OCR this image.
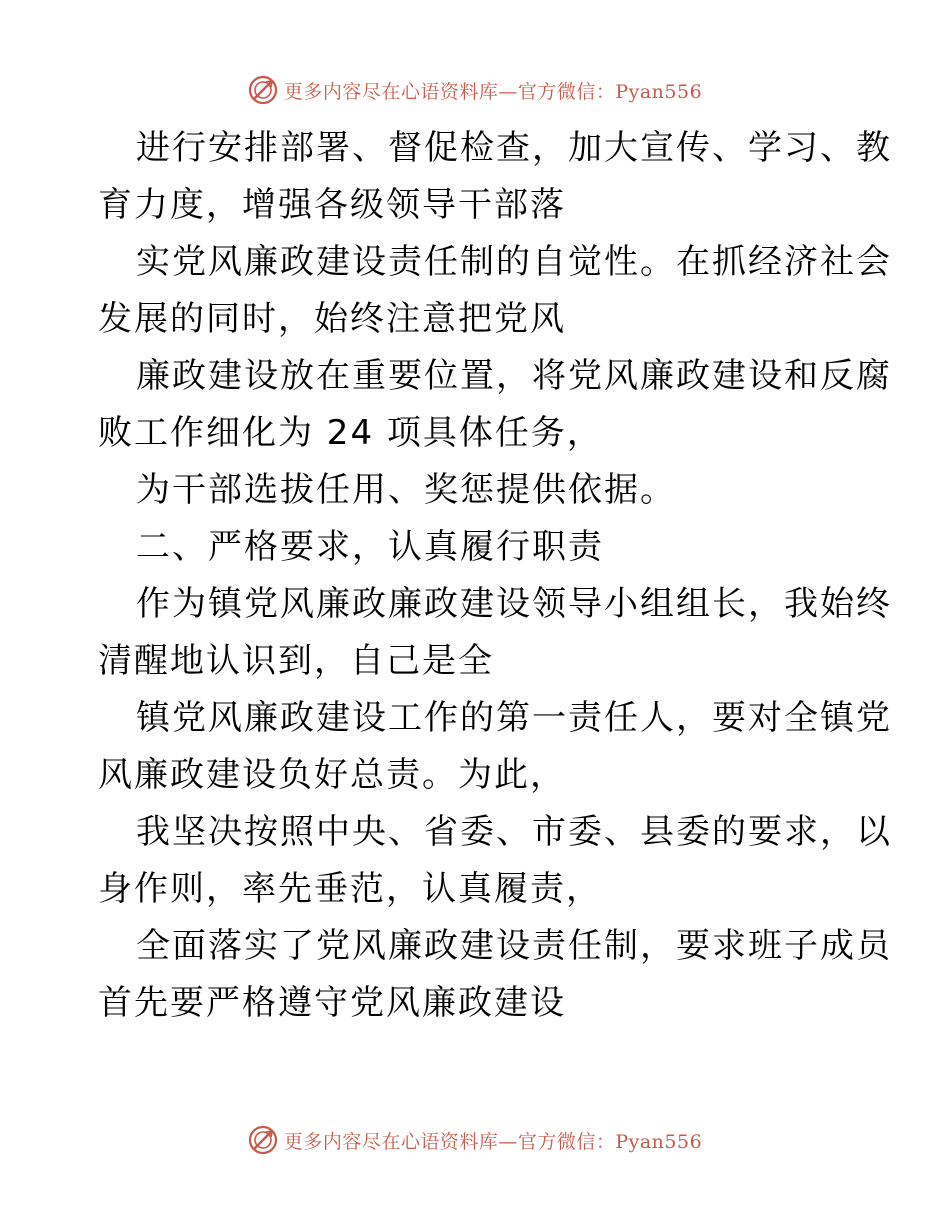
更多内容尽在心语资料库—官方微信：Pyan556

进行安排部署、督促检查，加大宣传、学习、教

育力度，增强各级领导干部落

实党风廉政建设责任制的自觉性。在抓经济社会

发展的同时，始终注意把党风

廉政建设放在重要位置，将党风廉政建设和反腐

败工作细化为 24 项具体任务，

为干部选拔任用、奖惩提供依据。

二、严格要求，认真履行职责

作为镇党风廉政廉政建设领导小组组长，我始终

清醒地认识到，自己是全

镇党风廉政建设工作的第一责任人，要对全镇党

风廉政建设负好总责。为此，

我坚决按照中央、省委、市委、县委的要求，以

身作则，率先垂范，认真履责，

全面落实了党风廉政建设责任制，要求班子成员

首先要严格遵守党风廉政建设

更多内容尽在心语资料库—官方微信：Pyan556
